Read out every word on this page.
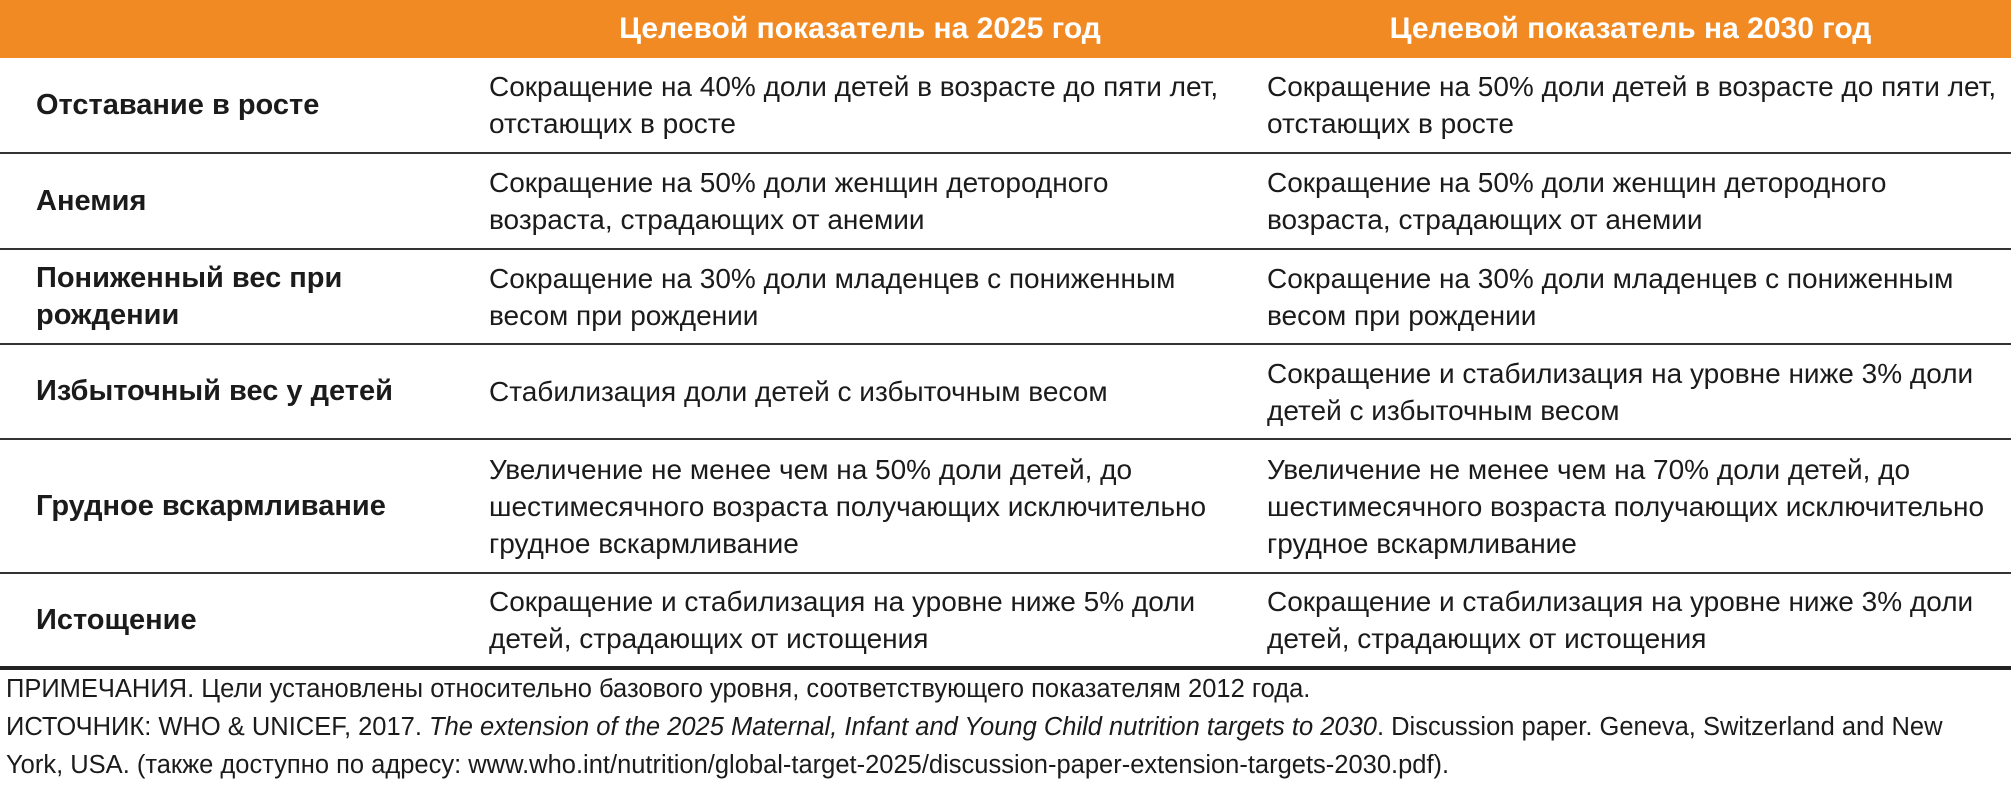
Целевой показатель на 2025 год	Целевой показатель на 2030 год
Отставание в росте
Сокращение на 40% доли детей в возрасте до пяти лет, отстающих в росте
Сокращение на 50% доли детей в возрасте до пяти лет, отстающих в росте
Анемия
Сокращение на 50% доли женщин детородного возраста, страдающих от анемии
Сокращение на 50% доли женщин детородного возраста, страдающих от анемии
Пониженный вес при рождении
Сокращение на 30% доли младенцев с пониженным весом при рождении
Сокращение на 30% доли младенцев с пониженным весом при рождении
Избыточный вес у детей	Стабилизация доли детей с избыточным весом
Сокращение и стабилизация на уровне ниже 3% доли детей с избыточным весом
Грудное вскармливание
Увеличение не менее чем на 50% доли детей, до шестимесячного возраста получающих исключительно грудное вскармливание
Увеличение не менее чем на 70% доли детей, до шестимесячного возраста получающих исключительно грудное вскармливание
Истощение
Сокращение и стабилизация на уровне ниже 5% доли детей, страдающих от истощения
Сокращение и стабилизация на уровне ниже 3% доли детей, страдающих от истощения
ПРИМЕЧАНИЯ. Цели установлены относительно базового уровня, соответствующего показателям 2012 года.
ИСТОЧНИК: WHO & UNICEF, 2017. The extension of the 2025 Maternal, Infant and Young Child nutrition targets to 2030. Discussion paper. Geneva, Switzerland and New York, USA. (также доступно по адресу: www.who.int/nutrition/global-target-2025/discussion-paper-extension-targets-2030.pdf).
